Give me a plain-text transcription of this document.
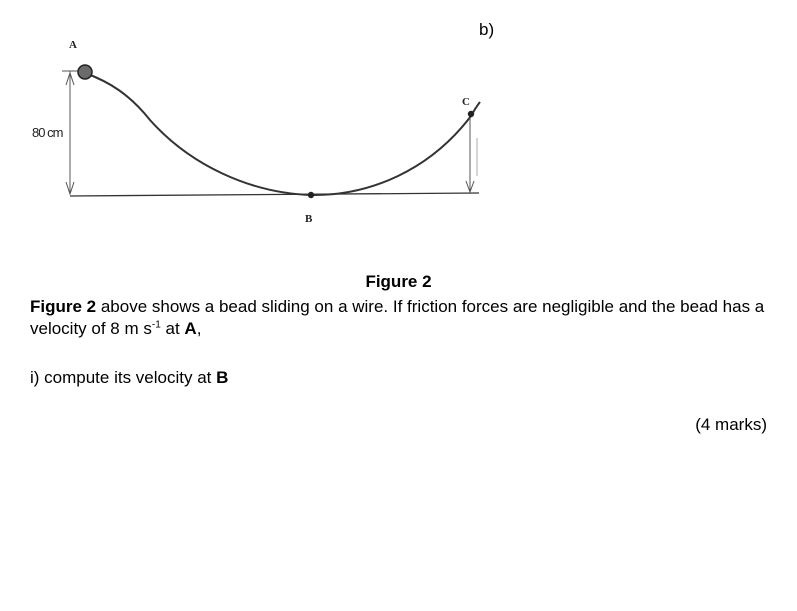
b)
A
B
C
80 cm
Figure 2

Figure 2 above shows a bead sliding on a wire. If friction forces are negligible and the bead has a velocity of 8 m $s^{-1}$ at A,

i) compute its velocity at B
(4 marks)
